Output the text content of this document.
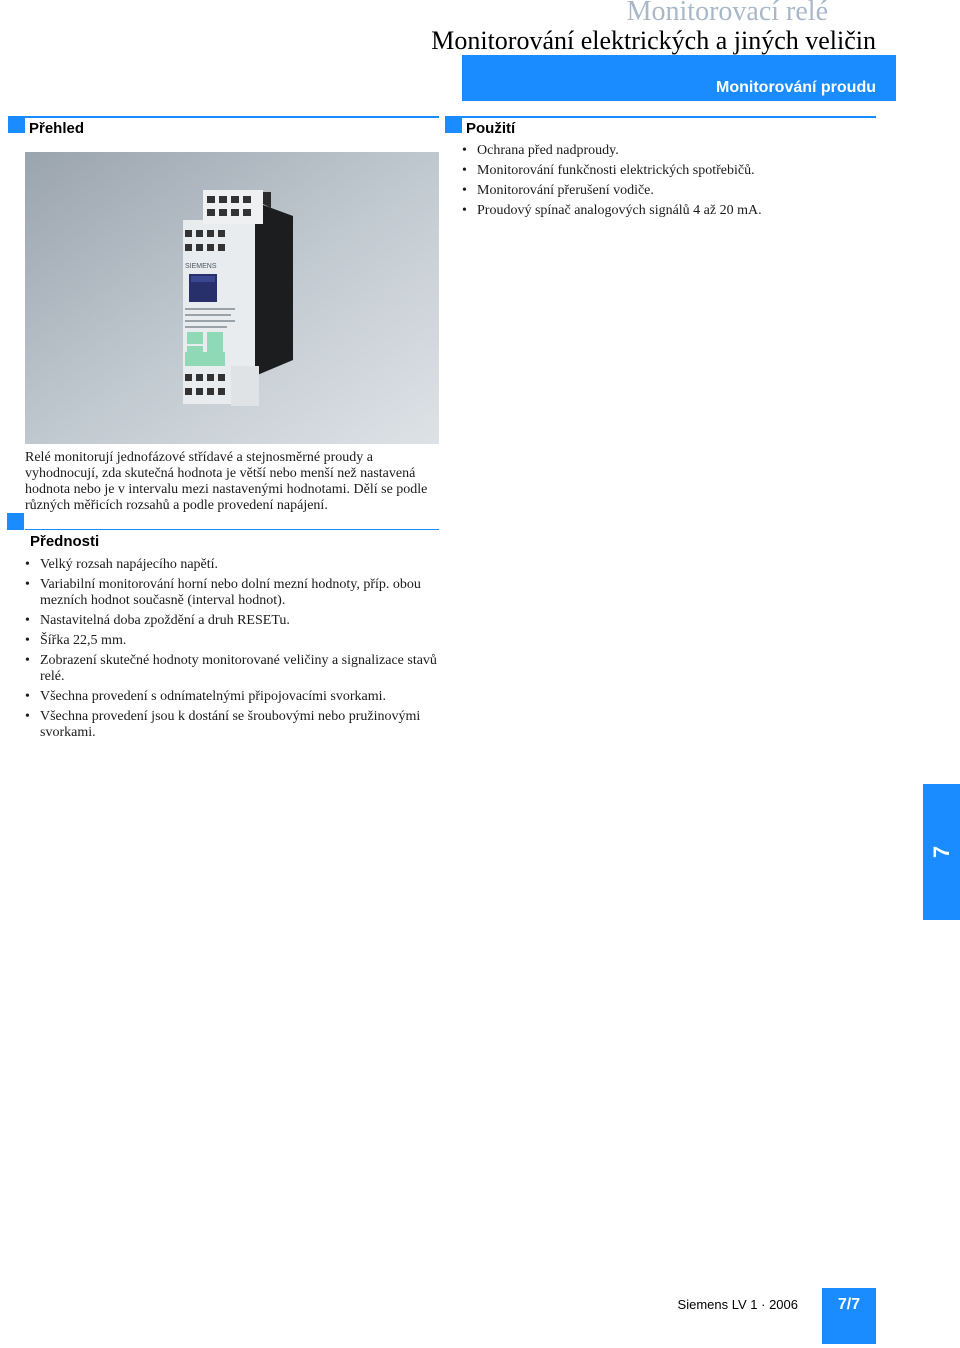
Monitorovací relé
Monitorování elektrických a jiných veličin
Monitorování proudu
Přehled	Použití
• Ochrana před nadproudy.
• Monitorování funkčnosti elektrických spotřebičů.
• Monitorování přerušení vodiče.
• Proudový spínač analogových signálů 4 až 20 mA.
SIEMENS
Relé monitorují jednofázové střídavé a stejnosměrné proudy a vyhodnocují, zda skutečná hodnota je větší nebo menší než nastavená hodnota nebo je v intervalu mezi nastavenými hodnotami. Dělí se podle různých měřicích rozsahů a podle provedení napájení.
Přednosti
• Velký rozsah napájecího napětí.
• Variabilní monitorování horní nebo dolní mezní hodnoty, příp. obou mezních hodnot současně (interval hodnot).
• Nastavitelná doba zpoždění a druh RESETu.
• Šířka 22,5 mm.
• Zobrazení skutečné hodnoty monitorované veličiny a signalizace stavů relé.
• Všechna provedení s odnímatelnými připojovacími svorkami.
• Všechna provedení jsou k dostání se šroubovými nebo pružinovými svorkami.
7
Siemens LV 1 · 2006	7/7
